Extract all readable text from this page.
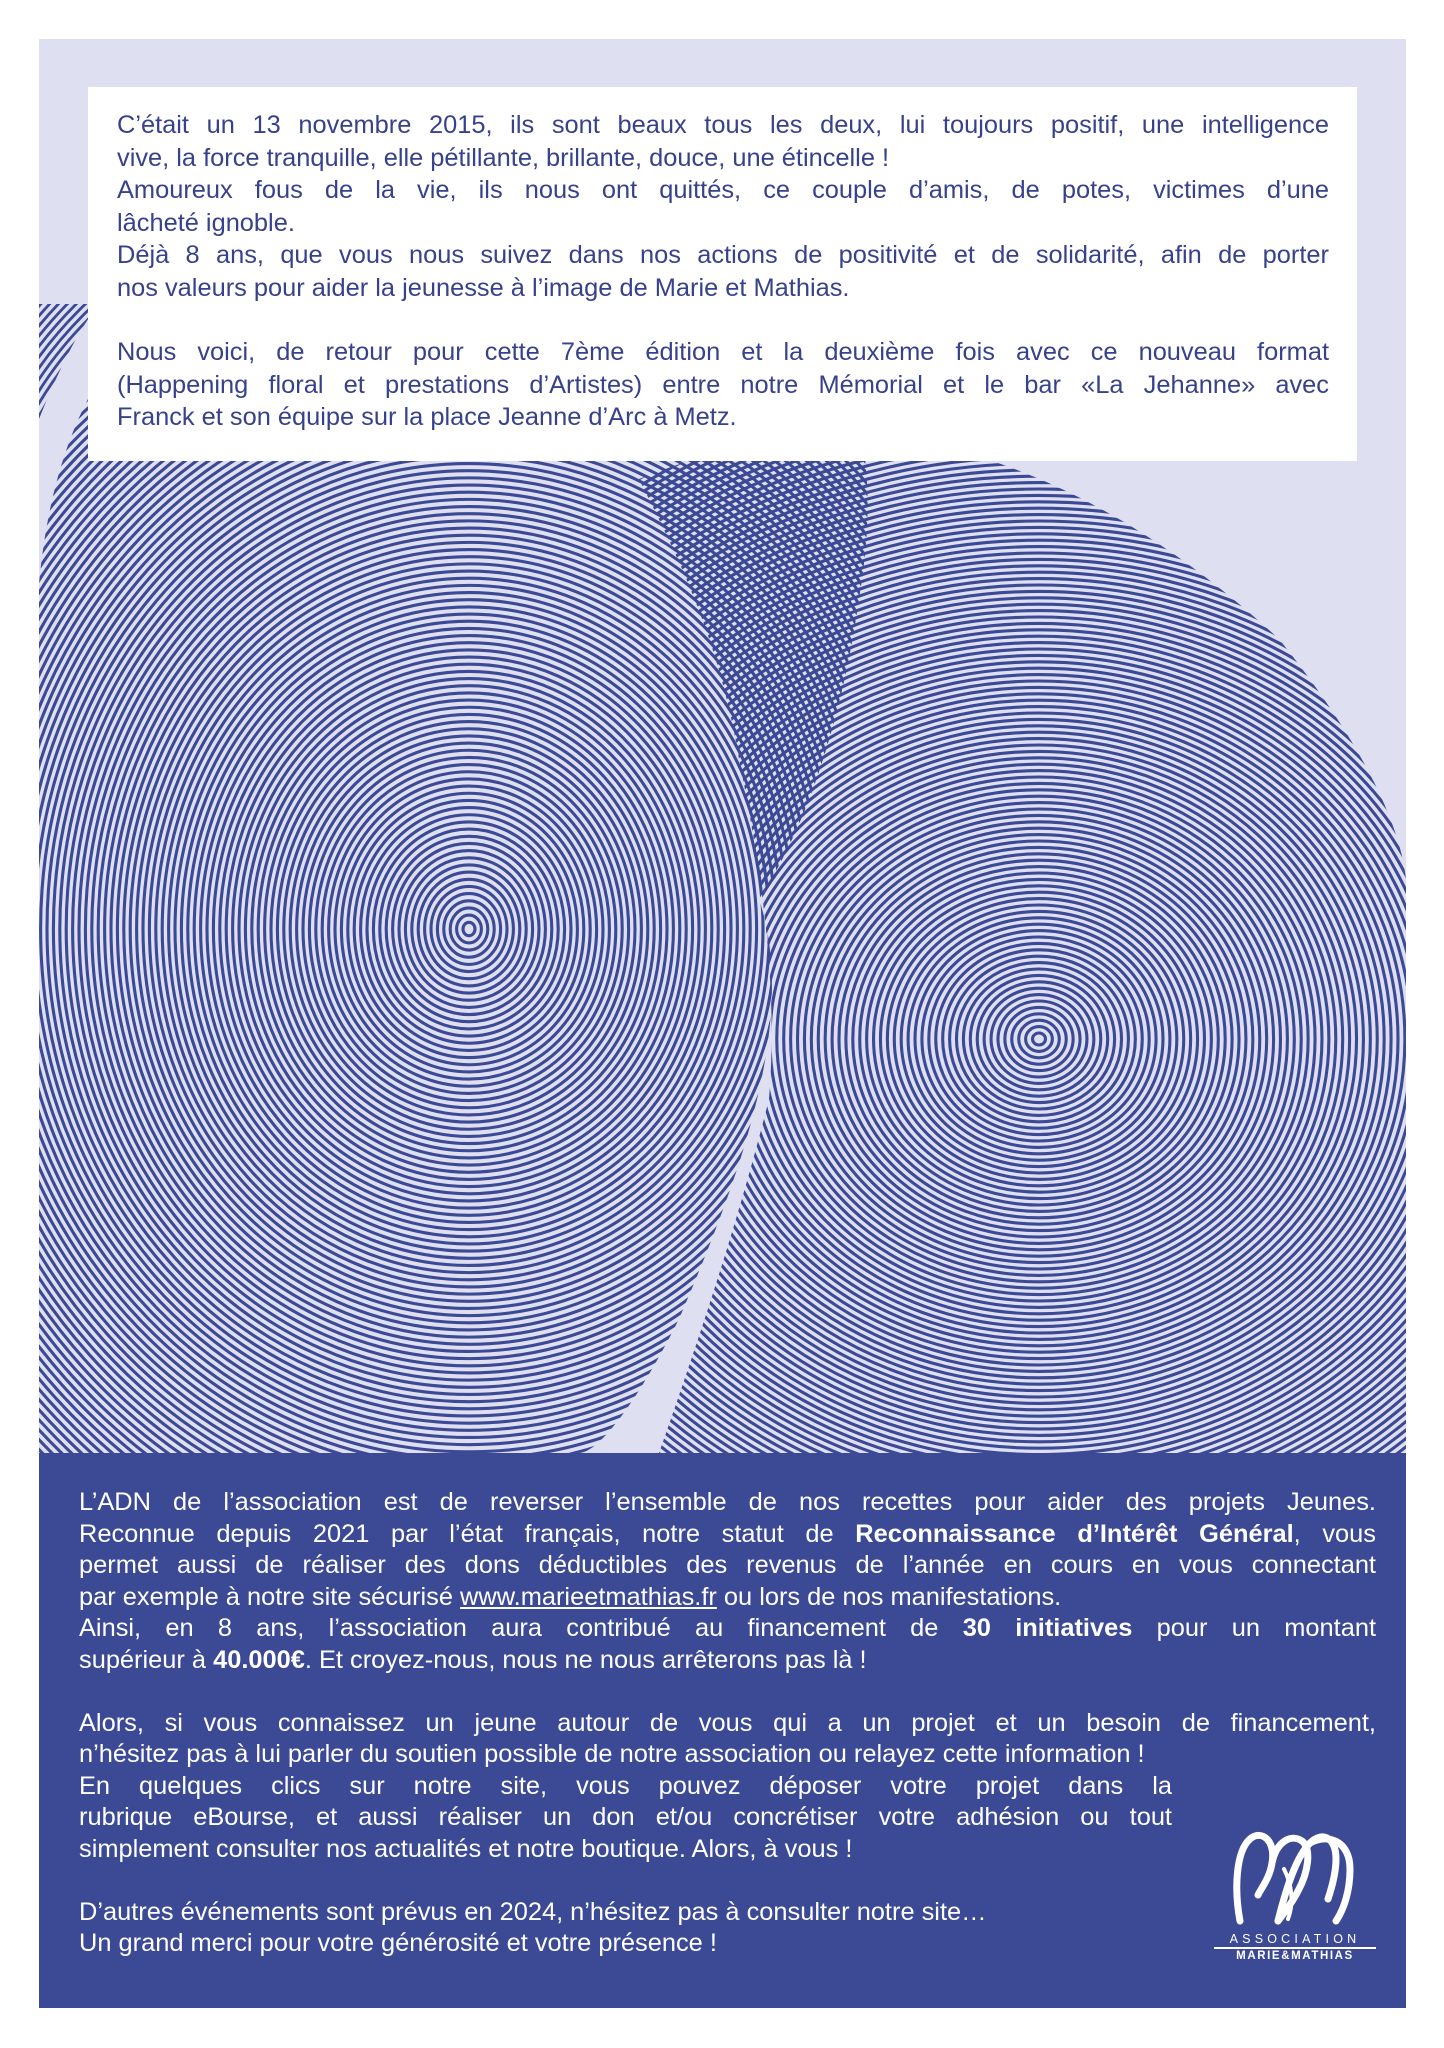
C’était un 13 novembre 2015, ils sont beaux tous les deux, lui toujours positif, une intelligence
vive, la force tranquille, elle pétillante, brillante, douce, une étincelle !
Amoureux fous de la vie, ils nous ont quittés, ce couple d’amis, de potes, victimes d’une
lâcheté ignoble.
Déjà 8 ans, que vous nous suivez dans nos actions de positivité et de solidarité, afin de porter
nos valeurs pour aider la jeunesse à l’image de Marie et Mathias.

Nous voici, de retour pour cette 7ème édition et la deuxième fois avec ce nouveau format
(Happening floral et prestations d’Artistes) entre notre Mémorial et le bar «La Jehanne» avec
Franck et son équipe sur la place Jeanne d’Arc à Metz.

L’ADN de l’association est de reverser l’ensemble de nos recettes pour aider des projets Jeunes.
Reconnue depuis 2021 par l’état français, notre statut de Reconnaissance d’Intérêt Général, vous
permet aussi de réaliser des dons déductibles des revenus de l’année en cours en vous connectant
par exemple à notre site sécurisé www.marieetmathias.fr ou lors de nos manifestations.
Ainsi, en 8 ans, l’association aura contribué au financement de 30 initiatives pour un montant
supérieur à 40.000€. Et croyez-nous, nous ne nous arrêterons pas là !

Alors, si vous connaissez un jeune autour de vous qui a un projet et un besoin de financement,
n’hésitez pas à lui parler du soutien possible de notre association ou relayez cette information !
En quelques clics sur notre site, vous pouvez déposer votre projet dans la
rubrique eBourse, et aussi réaliser un don et/ou concrétiser votre adhésion ou tout
simplement consulter nos actualités et notre boutique. Alors, à vous !

D’autres événements sont prévus en 2024, n’hésitez pas à consulter notre site…
Un grand merci pour votre générosité et votre présence !	ASSOCIATION
MARIE&MATHIAS
